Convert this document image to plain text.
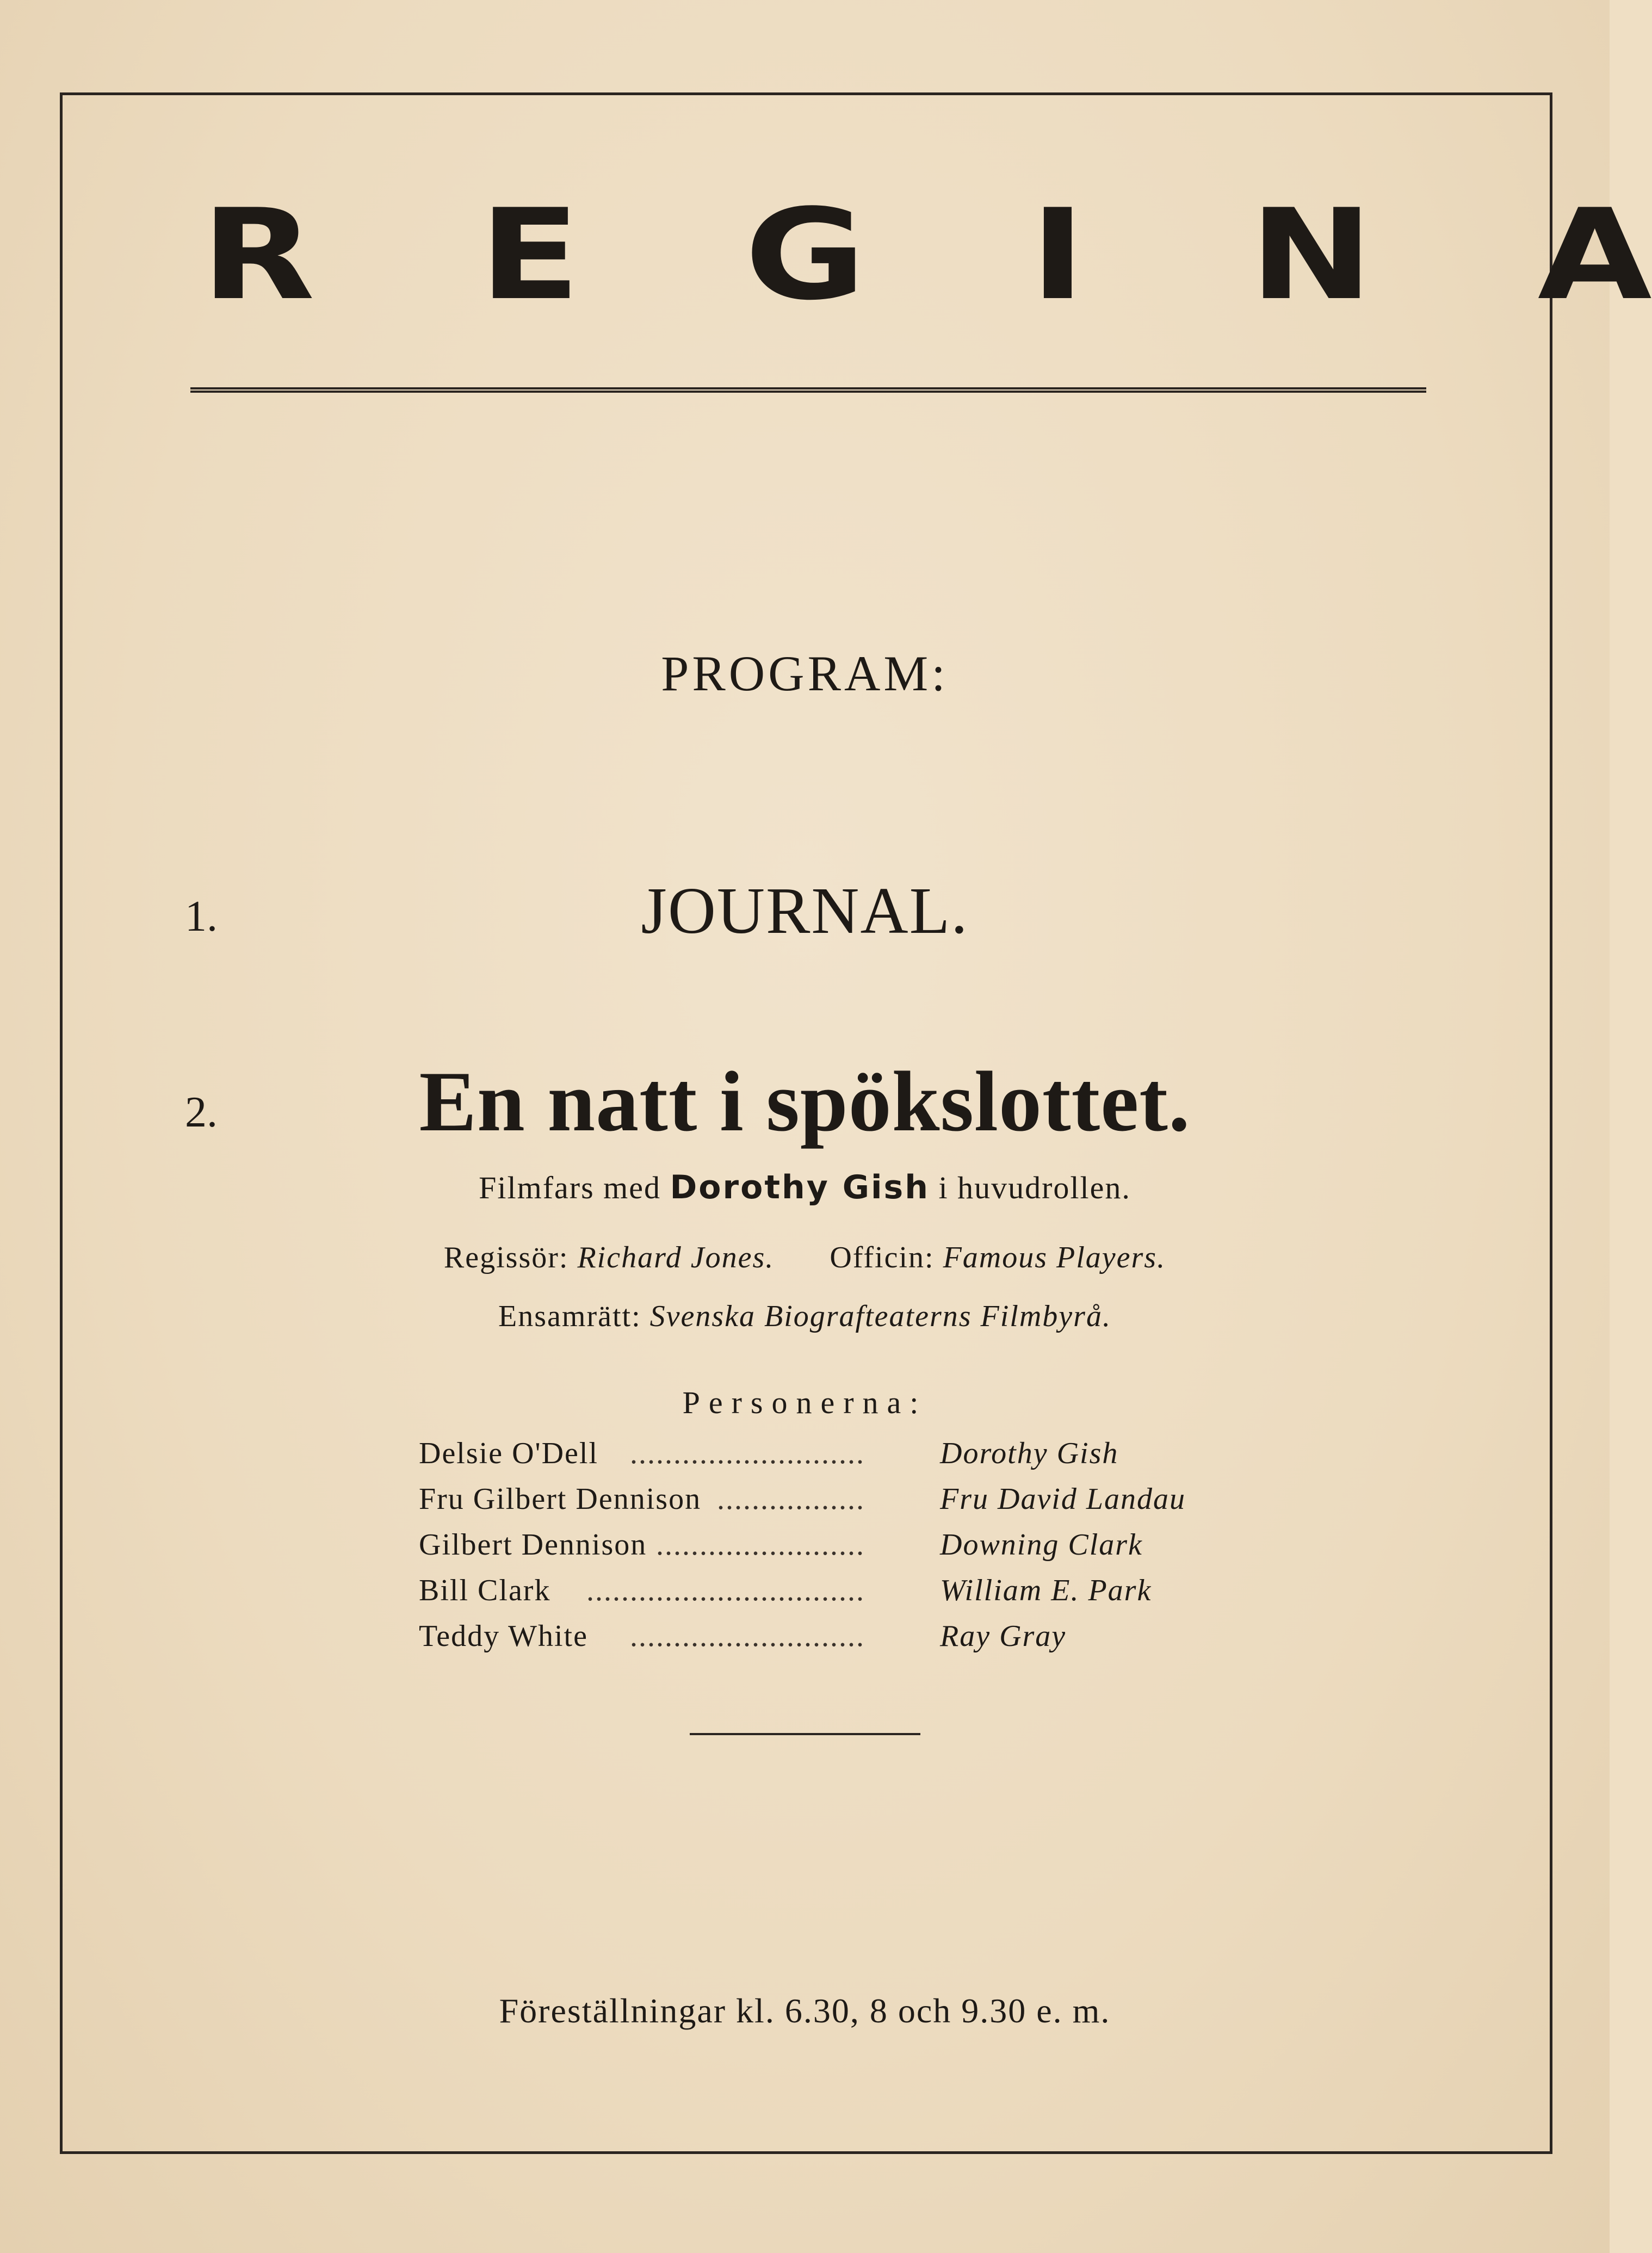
R E G I N A
PROGRAM:
1.	JOURNAL.
2.	En natt i spökslottet.
Filmfars med Dorothy Gish i huvudrollen.
Regissör: Richard Jones. Officin: Famous Players.
Ensamrätt: Svenska Biografteaterns Filmbyrå.
Personerna:
Delsie O'Dell ........................... Dorothy Gish
Fru Gilbert Dennison ................. Fru David Landau
Gilbert Dennison ........................ Downing Clark
Bill Clark ................................ William E. Park
Teddy White ........................... Ray Gray
Föreställningar kl. 6.30, 8 och 9.30 e. m.
